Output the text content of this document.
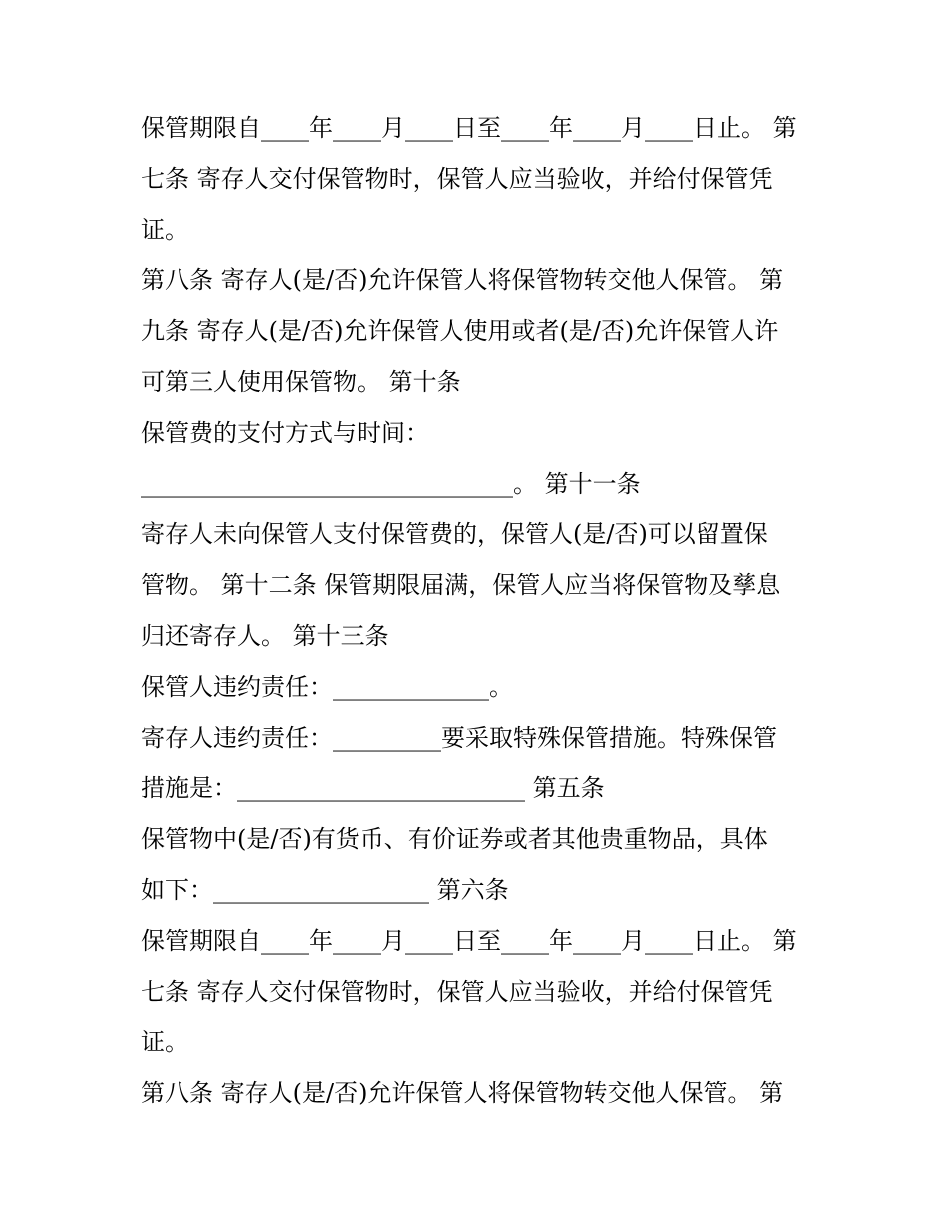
保管期限自____年____月____日至____年____月____日止。 第
七条 寄存人交付保管物时，保管人应当验收，并给付保管凭
证。
第八条 寄存人(是/否)允许保管人将保管物转交他人保管。 第
九条 寄存人(是/否)允许保管人使用或者(是/否)允许保管人许
可第三人使用保管物。 第十条
保管费的支付方式与时间：
_______________________________。 第十一条
寄存人未向保管人支付保管费的，保管人(是/否)可以留置保
管物。 第十二条 保管期限届满，保管人应当将保管物及孳息
归还寄存人。 第十三条
保管人违约责任：_____________。
寄存人违约责任：_________要采取特殊保管措施。特殊保管
措施是：________________________ 第五条
保管物中(是/否)有货币、有价证券或者其他贵重物品，具体
如下：__________________ 第六条
保管期限自____年____月____日至____年____月____日止。 第
七条 寄存人交付保管物时，保管人应当验收，并给付保管凭
证。
第八条 寄存人(是/否)允许保管人将保管物转交他人保管。 第
